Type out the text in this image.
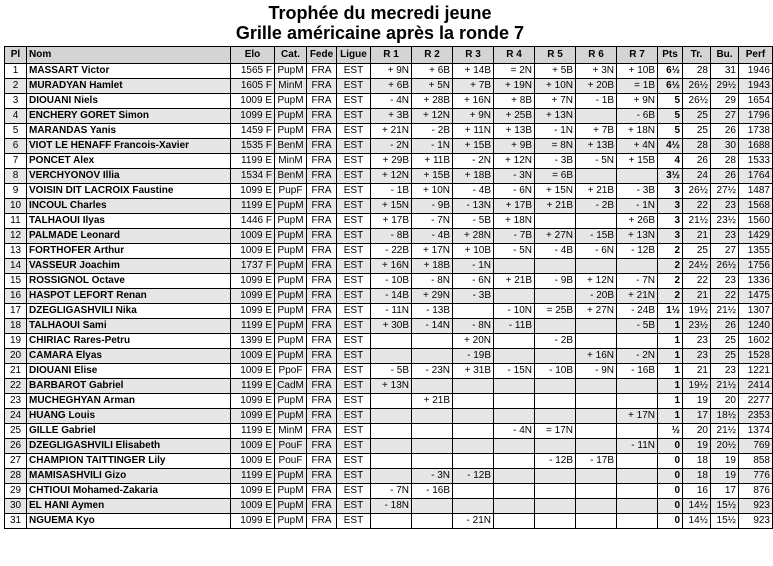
Trophée du mecredi jeune
Grille américaine après la ronde 7
Pl	Nom	Elo	Cat.	Fede	Ligue	R 1	R 2	R 3	R 4	R 5	R 6	R 7	Pts	Tr.	Bu.	Perf
1	MASSART Victor	1565 F	PupM	FRA	EST	+ 9N	+ 6B	+ 14B	= 2N	+ 5B	+ 3N	+ 10B	6½	28	31	1946
2	MURADYAN Hamlet	1605 F	MinM	FRA	EST	+ 6B	+ 5N	+ 7B	+ 19N	+ 10N	+ 20B	= 1B	6½	26½	29½	1943
3	DIOUANI Niels	1009 E	PupM	FRA	EST	- 4N	+ 28B	+ 16N	+ 8B	+ 7N	- 1B	+ 9N	5	26½	29	1654
4	ENCHERY GORET Simon	1099 E	PupM	FRA	EST	+ 3B	+ 12N	+ 9N	+ 25B	+ 13N		- 6B	5	25	27	1796
5	MARANDAS Yanis	1459 F	PupM	FRA	EST	+ 21N	- 2B	+ 11N	+ 13B	- 1N	+ 7B	+ 18N	5	25	26	1738
6	VIOT LE HENAFF Francois-Xavier	1535 F	BenM	FRA	EST	- 2N	- 1N	+ 15B	+ 9B	= 8N	+ 13B	+ 4N	4½	28	30	1688
7	PONCET Alex	1199 E	MinM	FRA	EST	+ 29B	+ 11B	- 2N	+ 12N	- 3B	- 5N	+ 15B	4	26	28	1533
8	VERCHYONOV Illia	1534 F	BenM	FRA	EST	+ 12N	+ 15B	+ 18B	- 3N	= 6B			3½	24	26	1764
9	VOISIN DIT LACROIX Faustine	1099 E	PupF	FRA	EST	- 1B	+ 10N	- 4B	- 6N	+ 15N	+ 21B	- 3B	3	26½	27½	1487
10	INCOUL Charles	1199 E	PupM	FRA	EST	+ 15N	- 9B	- 13N	+ 17B	+ 21B	- 2B	- 1N	3	22	23	1568
11	TALHAOUI Ilyas	1446 F	PupM	FRA	EST	+ 17B	- 7N	- 5B	+ 18N			+ 26B	3	21½	23½	1560
12	PALMADE Leonard	1009 E	PupM	FRA	EST	- 8B	- 4B	+ 28N	- 7B	+ 27N	- 15B	+ 13N	3	21	23	1429
13	FORTHOFER Arthur	1009 E	PupM	FRA	EST	- 22B	+ 17N	+ 10B	- 5N	- 4B	- 6N	- 12B	2	25	27	1355
14	VASSEUR Joachim	1737 F	PupM	FRA	EST	+ 16N	+ 18B	- 1N					2	24½	26½	1756
15	ROSSIGNOL Octave	1099 E	PupM	FRA	EST	- 10B	- 8N	- 6N	+ 21B	- 9B	+ 12N	- 7N	2	22	23	1336
16	HASPOT LEFORT Renan	1099 E	PupM	FRA	EST	- 14B	+ 29N	- 3B			- 20B	+ 21N	2	21	22	1475
17	DZEGLIGASHVILI Nika	1099 E	PupM	FRA	EST	- 11N	- 13B		- 10N	= 25B	+ 27N	- 24B	1½	19½	21½	1307
18	TALHAOUI Sami	1199 E	PupM	FRA	EST	+ 30B	- 14N	- 8N	- 11B			- 5B	1	23½	26	1240
19	CHIRIAC Rares-Petru	1399 E	PupM	FRA	EST			+ 20N		- 2B			1	23	25	1602
20	CAMARA Elyas	1009 E	PupM	FRA	EST			- 19B			+ 16N	- 2N	1	23	25	1528
21	DIOUANI Elise	1009 E	PpoF	FRA	EST	- 5B	- 23N	+ 31B	- 15N	- 10B	- 9N	- 16B	1	21	23	1221
22	BARBAROT Gabriel	1199 E	CadM	FRA	EST	+ 13N							1	19½	21½	2414
23	MUCHEGHYAN Arman	1099 E	PupM	FRA	EST		+ 21B						1	19	20	2277
24	HUANG Louis	1099 E	PupM	FRA	EST							+ 17N	1	17	18½	2353
25	GILLE Gabriel	1199 E	MinM	FRA	EST				- 4N	= 17N			½	20	21½	1374
26	DZEGLIGASHVILI Elisabeth	1009 E	PouF	FRA	EST							- 11N	0	19	20½	769
27	CHAMPION TAITTINGER Lily	1009 E	PouF	FRA	EST					- 12B	- 17B		0	18	19	858
28	MAMISASHVILI Gizo	1199 E	PupM	FRA	EST		- 3N	- 12B					0	18	19	776
29	CHTIOUI Mohamed-Zakaria	1099 E	PupM	FRA	EST	- 7N	- 16B						0	16	17	876
30	EL HANI Aymen	1009 E	PupM	FRA	EST	- 18N							0	14½	15½	923
31	NGUEMA Kyo	1099 E	PupM	FRA	EST			- 21N					0	14½	15½	923
